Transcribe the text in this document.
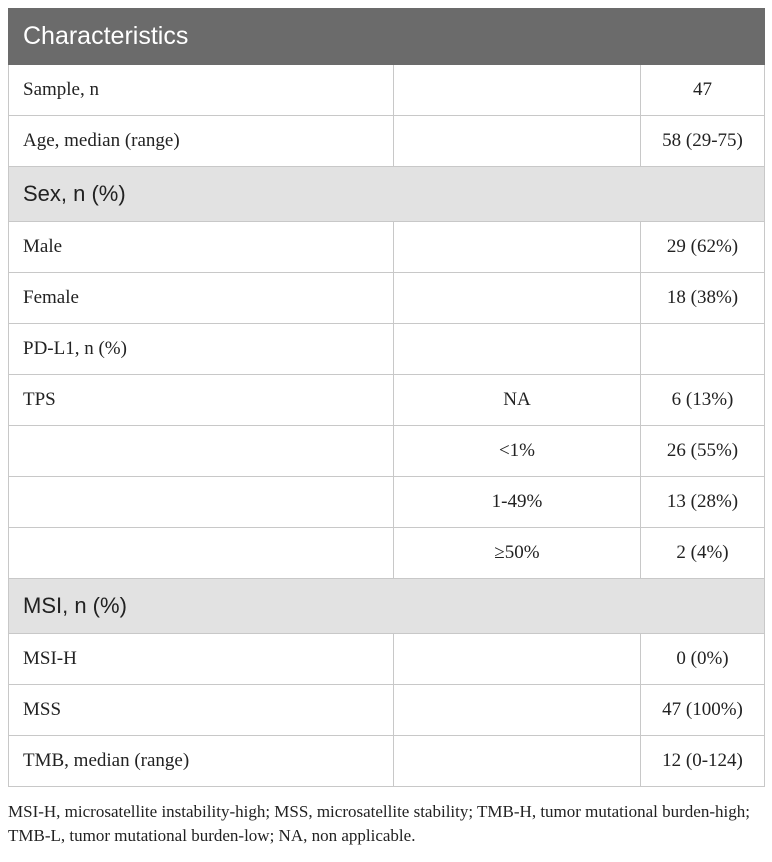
Characteristics		
Sample, n		47
Age, median (range)		58 (29-75)
Sex, n (%)		
Male		29 (62%)
Female		18 (38%)
PD-L1, n (%)		
TPS	NA	6 (13%)
	<1%	26 (55%)
	1-49%	13 (28%)
	≥50%	2 (4%)
MSI, n (%)		
MSI-H		0 (0%)
MSS		47 (100%)
TMB, median (range)		12 (0-124)

MSI-H, microsatellite instability-high; MSS, microsatellite stability; TMB-H, tumor mutational burden-high; TMB-L, tumor mutational burden-low; NA, non applicable.
